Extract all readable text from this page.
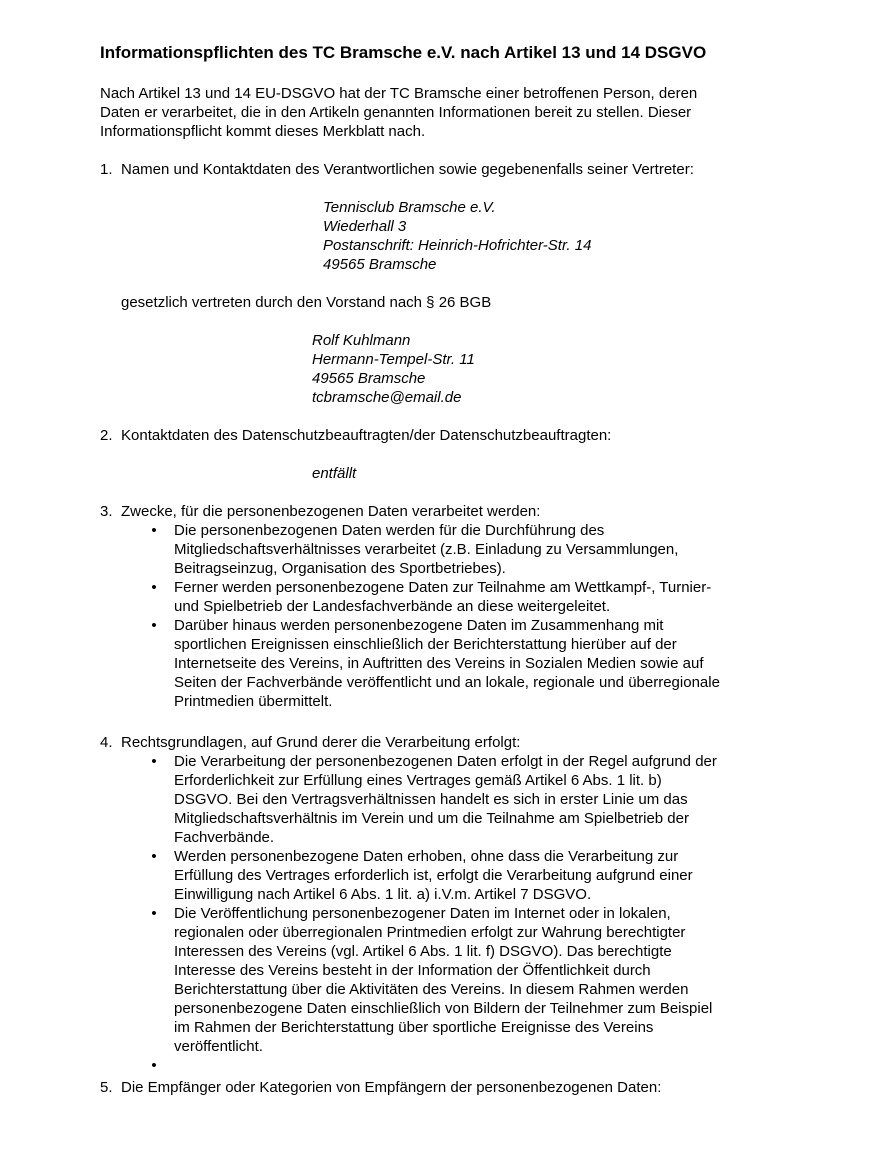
Informationspflichten des TC Bramsche e.V. nach Artikel 13 und 14 DSGVO
Nach Artikel 13 und 14 EU-DSGVO hat der TC Bramsche einer betroffenen Person, deren
Daten er verarbeitet, die in den Artikeln genannten Informationen bereit zu stellen. Dieser
Informationspflicht kommt dieses Merkblatt nach.
1. Namen und Kontaktdaten des Verantwortlichen sowie gegebenenfalls seiner Vertreter:
Tennisclub Bramsche e.V.
Wiederhall 3
Postanschrift: Heinrich-Hofrichter-Str. 14
49565 Bramsche
gesetzlich vertreten durch den Vorstand nach § 26 BGB
Rolf Kuhlmann
Hermann-Tempel-Str. 11
49565 Bramsche
tcbramsche@email.de
2. Kontaktdaten des Datenschutzbeauftragten/der Datenschutzbeauftragten:
entfällt
3. Zwecke, für die personenbezogenen Daten verarbeitet werden:
• Die personenbezogenen Daten werden für die Durchführung des
Mitgliedschaftsverhältnisses verarbeitet (z.B. Einladung zu Versammlungen,
Beitragseinzug, Organisation des Sportbetriebes).
• Ferner werden personenbezogene Daten zur Teilnahme am Wettkampf-, Turnier-
und Spielbetrieb der Landesfachverbände an diese weitergeleitet.
• Darüber hinaus werden personenbezogene Daten im Zusammenhang mit
sportlichen Ereignissen einschließlich der Berichterstattung hierüber auf der
Internetseite des Vereins, in Auftritten des Vereins in Sozialen Medien sowie auf
Seiten der Fachverbände veröffentlicht und an lokale, regionale und überregionale
Printmedien übermittelt.
4. Rechtsgrundlagen, auf Grund derer die Verarbeitung erfolgt:
• Die Verarbeitung der personenbezogenen Daten erfolgt in der Regel aufgrund der
Erforderlichkeit zur Erfüllung eines Vertrages gemäß Artikel 6 Abs. 1 lit. b)
DSGVO. Bei den Vertragsverhältnissen handelt es sich in erster Linie um das
Mitgliedschaftsverhältnis im Verein und um die Teilnahme am Spielbetrieb der
Fachverbände.
• Werden personenbezogene Daten erhoben, ohne dass die Verarbeitung zur
Erfüllung des Vertrages erforderlich ist, erfolgt die Verarbeitung aufgrund einer
Einwilligung nach Artikel 6 Abs. 1 lit. a) i.V.m. Artikel 7 DSGVO.
• Die Veröffentlichung personenbezogener Daten im Internet oder in lokalen,
regionalen oder überregionalen Printmedien erfolgt zur Wahrung berechtigter
Interessen des Vereins (vgl. Artikel 6 Abs. 1 lit. f) DSGVO). Das berechtigte
Interesse des Vereins besteht in der Information der Öffentlichkeit durch
Berichterstattung über die Aktivitäten des Vereins. In diesem Rahmen werden
personenbezogene Daten einschließlich von Bildern der Teilnehmer zum Beispiel
im Rahmen der Berichterstattung über sportliche Ereignisse des Vereins
veröffentlicht.
•

5. Die Empfänger oder Kategorien von Empfängern der personenbezogenen Daten:
